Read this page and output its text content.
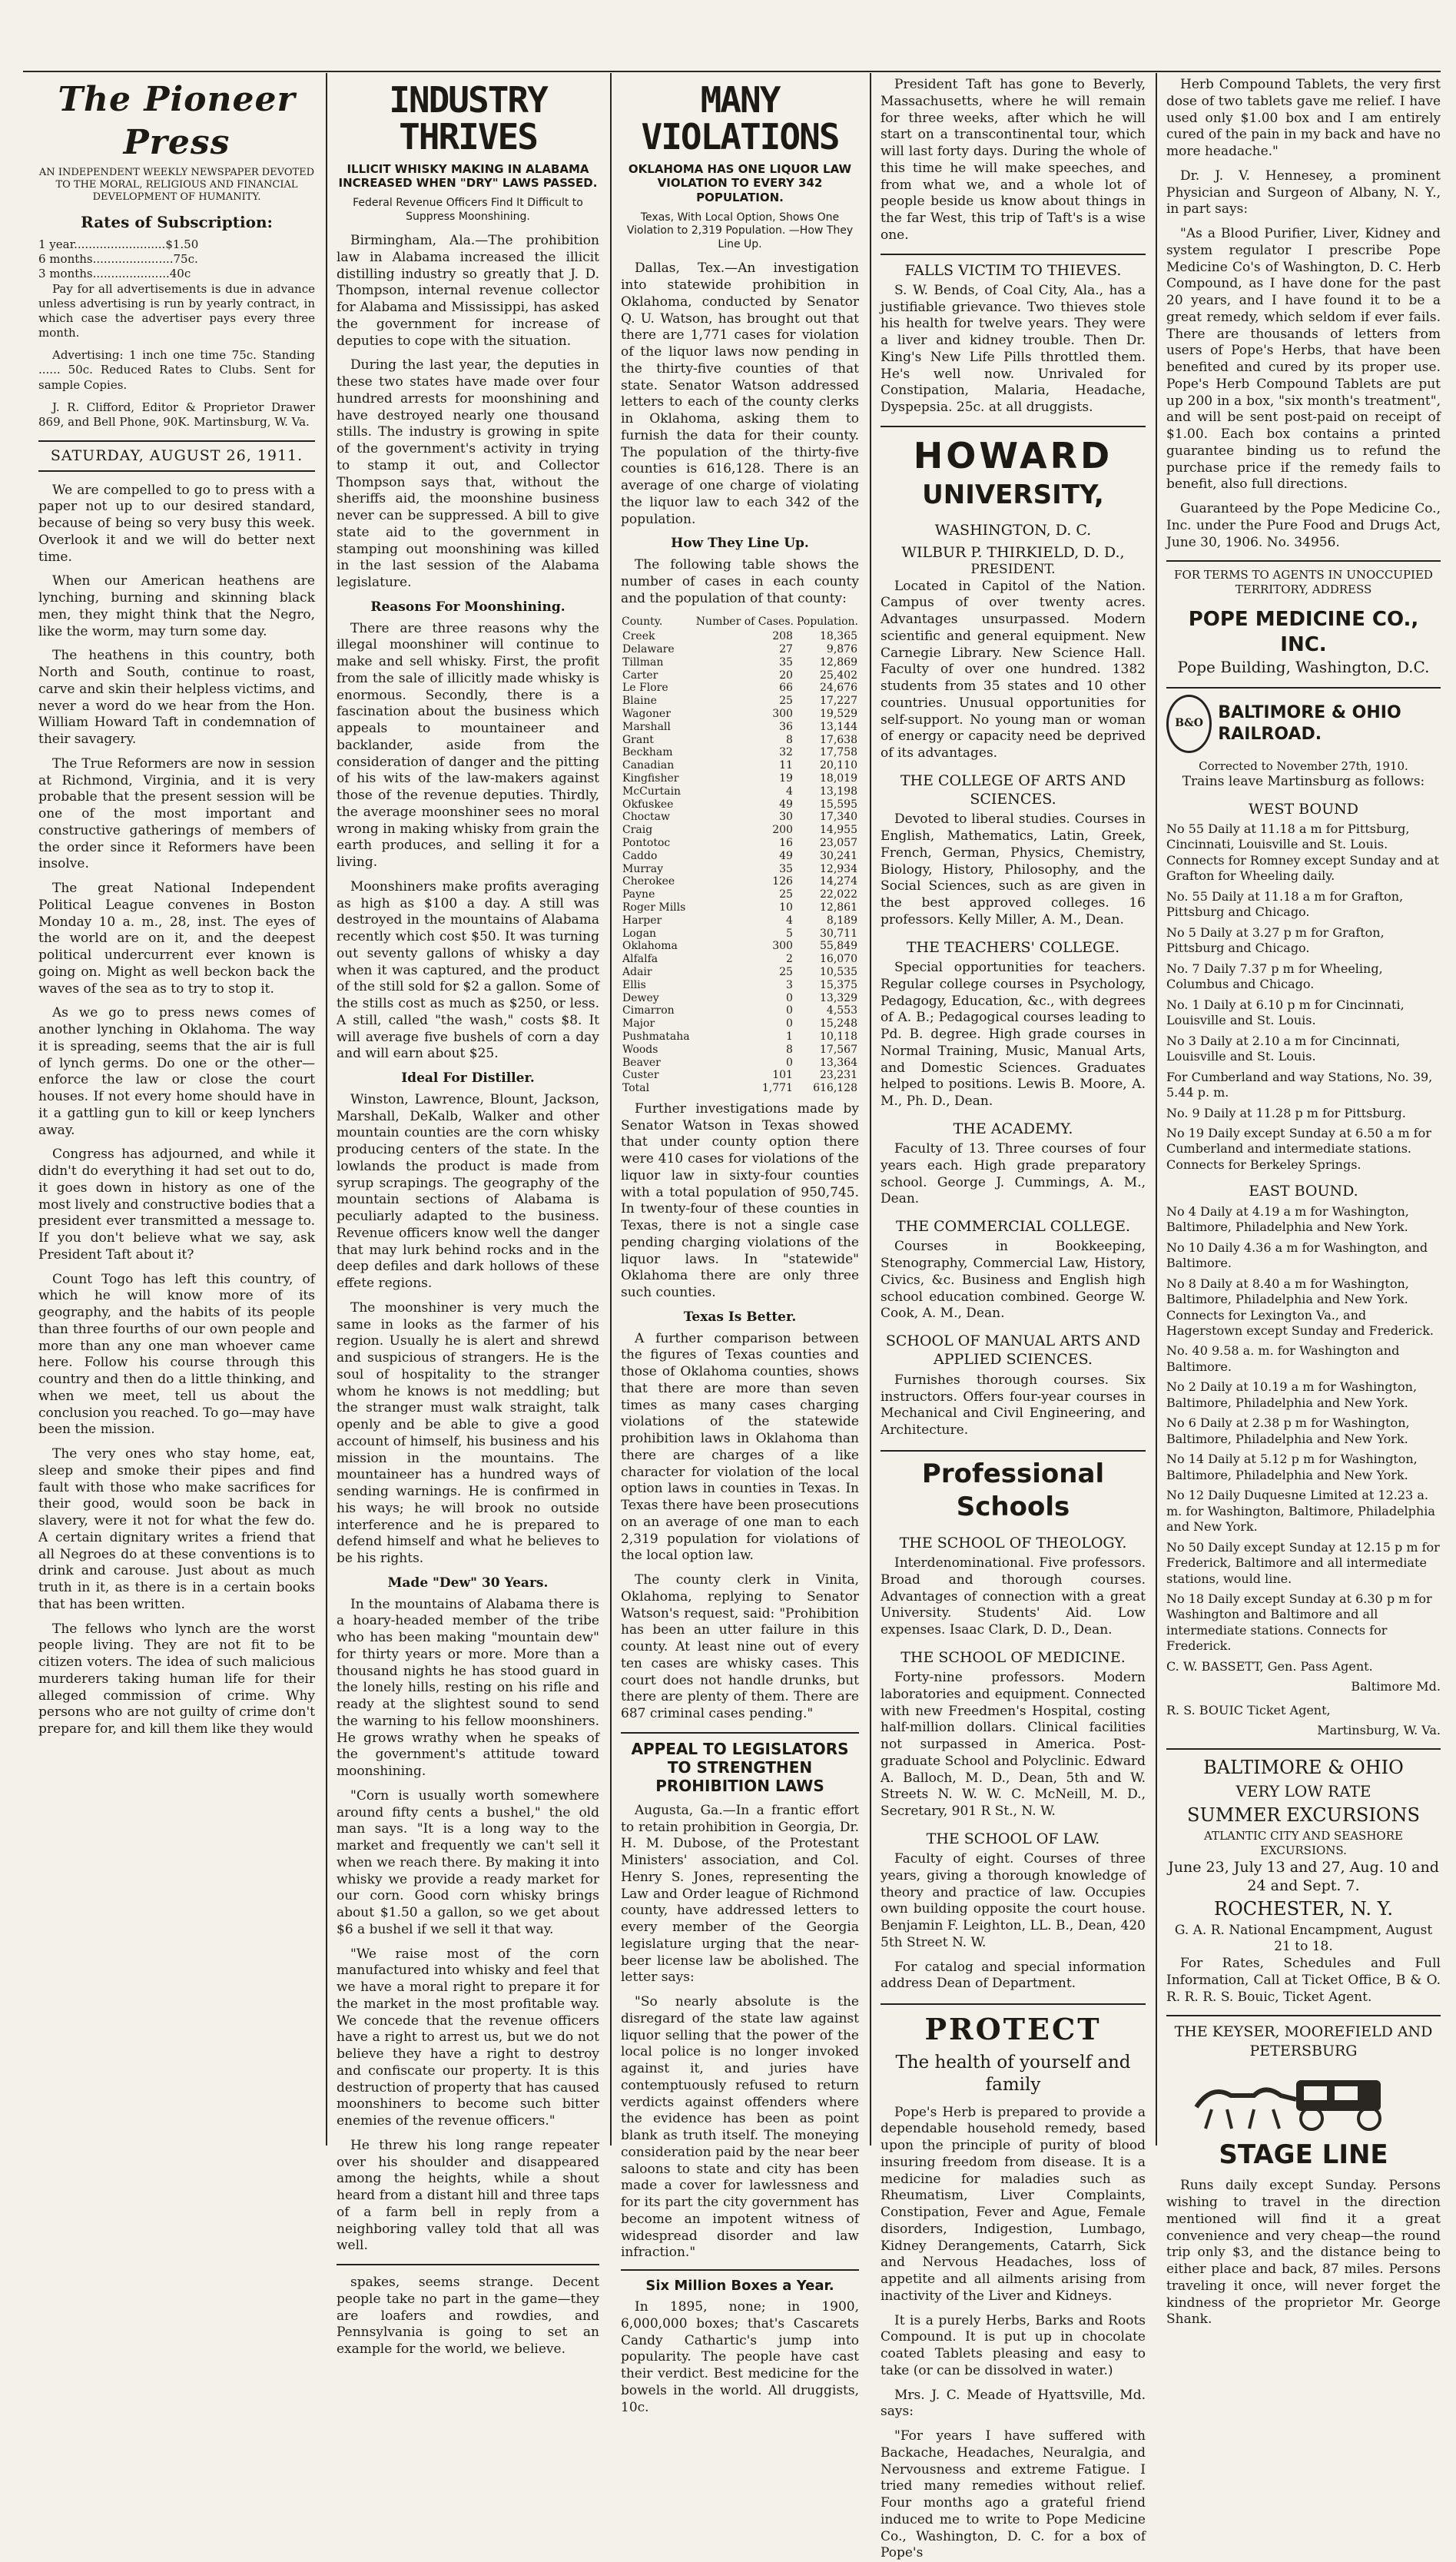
The Pioneer Press
AN INDEPENDENT WEEKLY NEWSPAPER DEVOTED TO THE MORAL, RELIGIOUS AND FINANCIAL DEVELOPMENT OF HUMANITY.
Rates of Subscription:
1 year.........................$1.50
6 months......................75c.
3 months.....................40c

Pay for all advertisements is due in advance unless advertising is run by yearly contract, in which case the advertiser pays every three month.

Advertising: 1 inch one time 75c. Standing ...... 50c. Reduced Rates to Clubs. Sent for sample Copies.

J. R. Clifford, Editor & Proprietor Drawer 869, and Bell Phone, 90K. Martinsburg, W. Va.

SATURDAY, AUGUST 26, 1911.

We are compelled to go to press with a paper not up to our desired standard, because of being so very busy this week. Overlook it and we will do better next time.

When our American heathens are lynching, burning and skinning black men, they might think that the Negro, like the worm, may turn some day.

The heathens in this country, both North and South, continue to roast, carve and skin their helpless victims, and never a word do we hear from the Hon. William Howard Taft in condemnation of their savagery.

The True Reformers are now in session at Richmond, Virginia, and it is very probable that the present session will be one of the most important and constructive gatherings of members of the order since it Reformers have been insolve.

The great National Independent Political League convenes in Boston Monday 10 a. m., 28, inst. The eyes of the world are on it, and the deepest political undercurrent ever known is going on. Might as well beckon back the waves of the sea as to try to stop it.

As we go to press news comes of another lynching in Oklahoma. The way it is spreading, seems that the air is full of lynch germs. Do one or the other—enforce the law or close the court houses. If not every home should have in it a gattling gun to kill or keep lynchers away.

Congress has adjourned, and while it didn't do everything it had set out to do, it goes down in history as one of the most lively and constructive bodies that a president ever transmitted a message to. If you don't believe what we say, ask President Taft about it?

Count Togo has left this country, of which he will know more of its geography, and the habits of its people than three fourths of our own people and more than any one man whoever came here. Follow his course through this country and then do a little thinking, and when we meet, tell us about the conclusion you reached. To go—may have been the mission.

The very ones who stay home, eat, sleep and smoke their pipes and find fault with those who make sacrifices for their good, would soon be back in slavery, were it not for what the few do. A certain dignitary writes a friend that all Negroes do at these conventions is to drink and carouse. Just about as much truth in it, as there is in a certain books that has been written.

The fellows who lynch are the worst people living. They are not fit to be citizen voters. The idea of such malicious murderers taking human life for their alleged commission of crime. Why persons who are not guilty of crime don't prepare for, and kill them like they would

INDUSTRY THRIVES
ILLICIT WHISKY MAKING IN ALABAMA INCREASED WHEN "DRY" LAWS PASSED.
Federal Revenue Officers Find It Difficult to Suppress Moonshining.

Birmingham, Ala.—The prohibition law in Alabama increased the illicit distilling industry so greatly that J. D. Thompson, internal revenue collector for Alabama and Mississippi, has asked the government for increase of deputies to cope with the situation.

During the last year, the deputies in these two states have made over four hundred arrests for moonshining and have destroyed nearly one thousand stills. The industry is growing in spite of the government's activity in trying to stamp it out, and Collector Thompson says that, without the sheriffs aid, the moonshine business never can be suppressed. A bill to give state aid to the government in stamping out moonshining was killed in the last session of the Alabama legislature.

Reasons For Moonshining.

There are three reasons why the illegal moonshiner will continue to make and sell whisky. First, the profit from the sale of illicitly made whisky is enormous. Secondly, there is a fascination about the business which appeals to mountaineer and backlander, aside from the consideration of danger and the pitting of his wits of the law-makers against those of the revenue deputies. Thirdly, the average moonshiner sees no moral wrong in making whisky from grain the earth produces, and selling it for a living.

Moonshiners make profits averaging as high as $100 a day. A still was destroyed in the mountains of Alabama recently which cost $50. It was turning out seventy gallons of whisky a day when it was captured, and the product of the still sold for $2 a gallon. Some of the stills cost as much as $250, or less. A still, called "the wash," costs $8. It will average five bushels of corn a day and will earn about $25.

Ideal For Distiller.

Winston, Lawrence, Blount, Jackson, Marshall, DeKalb, Walker and other mountain counties are the corn whisky producing centers of the state. In the lowlands the product is made from syrup scrapings. The geography of the mountain sections of Alabama is peculiarly adapted to the business. Revenue officers know well the danger that may lurk behind rocks and in the deep defiles and dark hollows of these effete regions.

The moonshiner is very much the same in looks as the farmer of his region. Usually he is alert and shrewd and suspicious of strangers. He is the soul of hospitality to the stranger whom he knows is not meddling; but the stranger must walk straight, talk openly and be able to give a good account of himself, his business and his mission in the mountains. The mountaineer has a hundred ways of sending warnings. He is confirmed in his ways; he will brook no outside interference and he is prepared to defend himself and what he believes to be his rights.

Made "Dew" 30 Years.

In the mountains of Alabama there is a hoary-headed member of the tribe who has been making "mountain dew" for thirty years or more. More than a thousand nights he has stood guard in the lonely hills, resting on his rifle and ready at the slightest sound to send the warning to his fellow moonshiners. He grows wrathy when he speaks of the government's attitude toward moonshining.

"Corn is usually worth somewhere around fifty cents a bushel," the old man says. "It is a long way to the market and frequently we can't sell it when we reach there. By making it into whisky we provide a ready market for our corn. Good corn whisky brings about $1.50 a gallon, so we get about $6 a bushel if we sell it that way.

"We raise most of the corn manufactured into whisky and feel that we have a moral right to prepare it for the market in the most profitable way. We concede that the revenue officers have a right to arrest us, but we do not believe they have a right to destroy and confiscate our property. It is this destruction of property that has caused moonshiners to become such bitter enemies of the revenue officers."

He threw his long range repeater over his shoulder and disappeared among the heights, while a shout heard from a distant hill and three taps of a farm bell in reply from a neighboring valley told that all was well.

spakes, seems strange. Decent people take no part in the game—they are loafers and rowdies, and Pennsylvania is going to set an example for the world, we believe.

MANY VIOLATIONS
OKLAHOMA HAS ONE LIQUOR LAW VIOLATION TO EVERY 342 POPULATION.
Texas, With Local Option, Shows One Violation to 2,319 Population. —How They Line Up.

Dallas, Tex.—An investigation into statewide prohibition in Oklahoma, conducted by Senator Q. U. Watson, has brought out that there are 1,771 cases for violation of the liquor laws now pending in the thirty-five counties of that state. Senator Watson addressed letters to each of the county clerks in Oklahoma, asking them to furnish the data for their county. The population of the thirty-five counties is 616,128. There is an average of one charge of violating the liquor law to each 342 of the population.

How They Line Up.

The following table shows the number of cases in each county and the population of that county:

County.	Number of Cases.	Population.
Creek	208	18,365
Delaware	27	9,876
Tillman	35	12,869
Carter	20	25,402
Le Flore	66	24,676
Blaine	25	17,227
Wagoner	300	19,529
Marshall	36	13,144
Grant	8	17,638
Beckham	32	17,758
Canadian	11	20,110
Kingfisher	19	18,019
McCurtain	4	13,198
Okfuskee	49	15,595
Choctaw	30	17,340
Craig	200	14,955
Pontotoc	16	23,057
Caddo	49	30,241
Murray	35	12,934
Cherokee	126	14,274
Payne	25	22,022
Roger Mills	10	12,861
Harper	4	8,189
Logan	5	30,711
Oklahoma	300	55,849
Alfalfa	2	16,070
Adair	25	10,535
Ellis	3	15,375
Dewey	0	13,329
Cimarron	0	4,553
Major	0	15,248
Pushmataha	1	10,118
Woods	8	17,567
Beaver	0	13,364
Custer	101	23,231
Total	1,771	616,128

Further investigations made by Senator Watson in Texas showed that under county option there were 410 cases for violations of the liquor law in sixty-four counties with a total population of 950,745. In twenty-four of these counties in Texas, there is not a single case pending charging violations of the liquor laws. In "statewide" Oklahoma there are only three such counties.

Texas Is Better.

A further comparison between the figures of Texas counties and those of Oklahoma counties, shows that there are more than seven times as many cases charging violations of the statewide prohibition laws in Oklahoma than there are charges of a like character for violation of the local option laws in counties in Texas. In Texas there have been prosecutions on an average of one man to each 2,319 population for violations of the local option law.

The county clerk in Vinita, Oklahoma, replying to Senator Watson's request, said: "Prohibition has been an utter failure in this county. At least nine out of every ten cases are whisky cases. This court does not handle drunks, but there are plenty of them. There are 687 criminal cases pending."

APPEAL TO LEGISLATORS TO STRENGTHEN PROHIBITION LAWS

Augusta, Ga.—In a frantic effort to retain prohibition in Georgia, Dr. H. M. Dubose, of the Protestant Ministers' association, and Col. Henry S. Jones, representing the Law and Order league of Richmond county, have addressed letters to every member of the Georgia legislature urging that the near-beer license law be abolished. The letter says:

"So nearly absolute is the disregard of the state law against liquor selling that the power of the local police is no longer invoked against it, and juries have contemptuously refused to return verdicts against offenders where the evidence has been as point blank as truth itself. The moneying consideration paid by the near beer saloons to state and city has been made a cover for lawlessness and for its part the city government has become an impotent witness of widespread disorder and law infraction."

Six Million Boxes a Year.

In 1895, none; in 1900, 6,000,000 boxes; that's Cascarets Candy Cathartic's jump into popularity. The people have cast their verdict. Best medicine for the bowels in the world. All druggists, 10c.

President Taft has gone to Beverly, Massachusetts, where he will remain for three weeks, after which he will start on a transcontinental tour, which will last forty days. During the whole of this time he will make speeches, and from what we, and a whole lot of people beside us know about things in the far West, this trip of Taft's is a wise one.

FALLS VICTIM TO THIEVES.

S. W. Bends, of Coal City, Ala., has a justifiable grievance. Two thieves stole his health for twelve years. They were a liver and kidney trouble. Then Dr. King's New Life Pills throttled them. He's well now. Unrivaled for Constipation, Malaria, Headache, Dyspepsia. 25c. at all druggists.

HOWARD
UNIVERSITY,
WASHINGTON, D. C.
WILBUR P. THIRKIELD, D. D.,
PRESIDENT.

Located in Capitol of the Nation. Campus of over twenty acres. Advantages unsurpassed. Modern scientific and general equipment. New Carnegie Library. New Science Hall. Faculty of over one hundred. 1382 students from 35 states and 10 other countries. Unusual opportunities for self-support. No young man or woman of energy or capacity need be deprived of its advantages.

THE COLLEGE OF ARTS AND SCIENCES.

Devoted to liberal studies. Courses in English, Mathematics, Latin, Greek, French, German, Physics, Chemistry, Biology, History, Philosophy, and the Social Sciences, such as are given in the best approved colleges. 16 professors. Kelly Miller, A. M., Dean.

THE TEACHERS' COLLEGE.

Special opportunities for teachers. Regular college courses in Psychology, Pedagogy, Education, &c., with degrees of A. B.; Pedagogical courses leading to Pd. B. degree. High grade courses in Normal Training, Music, Manual Arts, and Domestic Sciences. Graduates helped to positions. Lewis B. Moore, A. M., Ph. D., Dean.

THE ACADEMY.

Faculty of 13. Three courses of four years each. High grade preparatory school. George J. Cummings, A. M., Dean.

THE COMMERCIAL COLLEGE.

Courses in Bookkeeping, Stenography, Commercial Law, History, Civics, &c. Business and English high school education combined. George W. Cook, A. M., Dean.

SCHOOL OF MANUAL ARTS AND APPLIED SCIENCES.

Furnishes thorough courses. Six instructors. Offers four-year courses in Mechanical and Civil Engineering, and Architecture.

Professional Schools
THE SCHOOL OF THEOLOGY.

Interdenominational. Five professors. Broad and thorough courses. Advantages of connection with a great University. Students' Aid. Low expenses. Isaac Clark, D. D., Dean.

THE SCHOOL OF MEDICINE.

Forty-nine professors. Modern laboratories and equipment. Connected with new Freedmen's Hospital, costing half-million dollars. Clinical facilities not surpassed in America. Post-graduate School and Polyclinic. Edward A. Balloch, M. D., Dean, 5th and W. Streets N. W. W. C. McNeill, M. D., Secretary, 901 R St., N. W.

THE SCHOOL OF LAW.

Faculty of eight. Courses of three years, giving a thorough knowledge of theory and practice of law. Occupies own building opposite the court house. Benjamin F. Leighton, LL. B., Dean, 420 5th Street N. W.

For catalog and special information address Dean of Department.

PROTECT
The health of yourself and family

Pope's Herb is prepared to provide a dependable household remedy, based upon the principle of purity of blood insuring freedom from disease. It is a medicine for maladies such as Rheumatism, Liver Complaints, Constipation, Fever and Ague, Female disorders, Indigestion, Lumbago, Kidney Derangements, Catarrh, Sick and Nervous Headaches, loss of appetite and all ailments arising from inactivity of the Liver and Kidneys.

It is a purely Herbs, Barks and Roots Compound. It is put up in chocolate coated Tablets pleasing and easy to take (or can be dissolved in water.)

Mrs. J. C. Meade of Hyattsville, Md. says:

"For years I have suffered with Backache, Headaches, Neuralgia, and Nervousness and extreme Fatigue. I tried many remedies without relief. Four months ago a grateful friend induced me to write to Pope Medicine Co., Washington, D. C. for a box of Pope's

Herb Compound Tablets, the very first dose of two tablets gave me relief. I have used only $1.00 box and I am entirely cured of the pain in my back and have no more headache."

Dr. J. V. Hennesey, a prominent Physician and Surgeon of Albany, N. Y., in part says:

"As a Blood Purifier, Liver, Kidney and system regulator I prescribe Pope Medicine Co's of Washington, D. C. Herb Compound, as I have done for the past 20 years, and I have found it to be a great remedy, which seldom if ever fails. There are thousands of letters from users of Pope's Herbs, that have been benefited and cured by its proper use. Pope's Herb Compound Tablets are put up 200 in a box, "six month's treatment", and will be sent post-paid on receipt of $1.00. Each box contains a printed guarantee binding us to refund the purchase price if the remedy fails to benefit, also full directions.

Guaranteed by the Pope Medicine Co., Inc. under the Pure Food and Drugs Act, June 30, 1906. No. 34956.

FOR TERMS TO AGENTS IN UNOCCUPIED TERRITORY, ADDRESS
POPE MEDICINE CO., INC.
Pope Building, Washington, D.C.
B&O
BALTIMORE & OHIO RAILROAD.
Corrected to November 27th, 1910.
Trains leave Martinsburg as follows:
WEST BOUND
No 55 Daily at 11.18 a m for Pittsburg, Cincinnati, Louisville and St. Louis. Connects for Romney except Sunday and at Grafton for Wheeling daily.
No. 55 Daily at 11.18 a m for Grafton, Pittsburg and Chicago.
No 5 Daily at 3.27 p m for Grafton, Pittsburg and Chicago.
No. 7 Daily 7.37 p m for Wheeling, Columbus and Chicago.
No. 1 Daily at 6.10 p m for Cincinnati, Louisville and St. Louis.
No 3 Daily at 2.10 a m for Cincinnati, Louisville and St. Louis.
For Cumberland and way Stations, No. 39, 5.44 p. m.
No. 9 Daily at 11.28 p m for Pittsburg.
No 19 Daily except Sunday at 6.50 a m for Cumberland and intermediate stations. Connects for Berkeley Springs.
EAST BOUND.
No 4 Daily at 4.19 a m for Washington, Baltimore, Philadelphia and New York.
No 10 Daily 4.36 a m for Washington, and Baltimore.
No 8 Daily at 8.40 a m for Washington, Baltimore, Philadelphia and New York. Connects for Lexington Va., and Hagerstown except Sunday and Frederick.
No. 40 9.58 a. m. for Washington and Baltimore.
No 2 Daily at 10.19 a m for Washington, Baltimore, Philadelphia and New York.
No 6 Daily at 2.38 p m for Washington, Baltimore, Philadelphia and New York.
No 14 Daily at 5.12 p m for Washington, Baltimore, Philadelphia and New York.
No 12 Daily Duquesne Limited at 12.23 a. m. for Washington, Baltimore, Philadelphia and New York.
No 50 Daily except Sunday at 12.15 p m for Frederick, Baltimore and all intermediate stations, would line.
No 18 Daily except Sunday at 6.30 p m for Washington and Baltimore and all intermediate stations. Connects for Frederick.
C. W. BASSETT, Gen. Pass Agent.
Baltimore Md.
R. S. BOUIC Ticket Agent,
Martinsburg, W. Va.
BALTIMORE & OHIO
VERY LOW RATE
SUMMER EXCURSIONS
ATLANTIC CITY AND SEASHORE EXCURSIONS.
June 23, July 13 and 27, Aug. 10 and 24 and Sept. 7.
ROCHESTER, N. Y.
G. A. R. National Encampment, August 21 to 18.

For Rates, Schedules and Full Information, Call at Ticket Office, B & O. R. R. R. S. Bouic, Ticket Agent.

THE KEYSER, MOOREFIELD AND PETERSBURG
STAGE LINE

Runs daily except Sunday. Persons wishing to travel in the direction mentioned will find it a great convenience and very cheap—the round trip only $3, and the distance being to either place and back, 87 miles. Persons traveling it once, will never forget the kindness of the proprietor Mr. George Shank.
